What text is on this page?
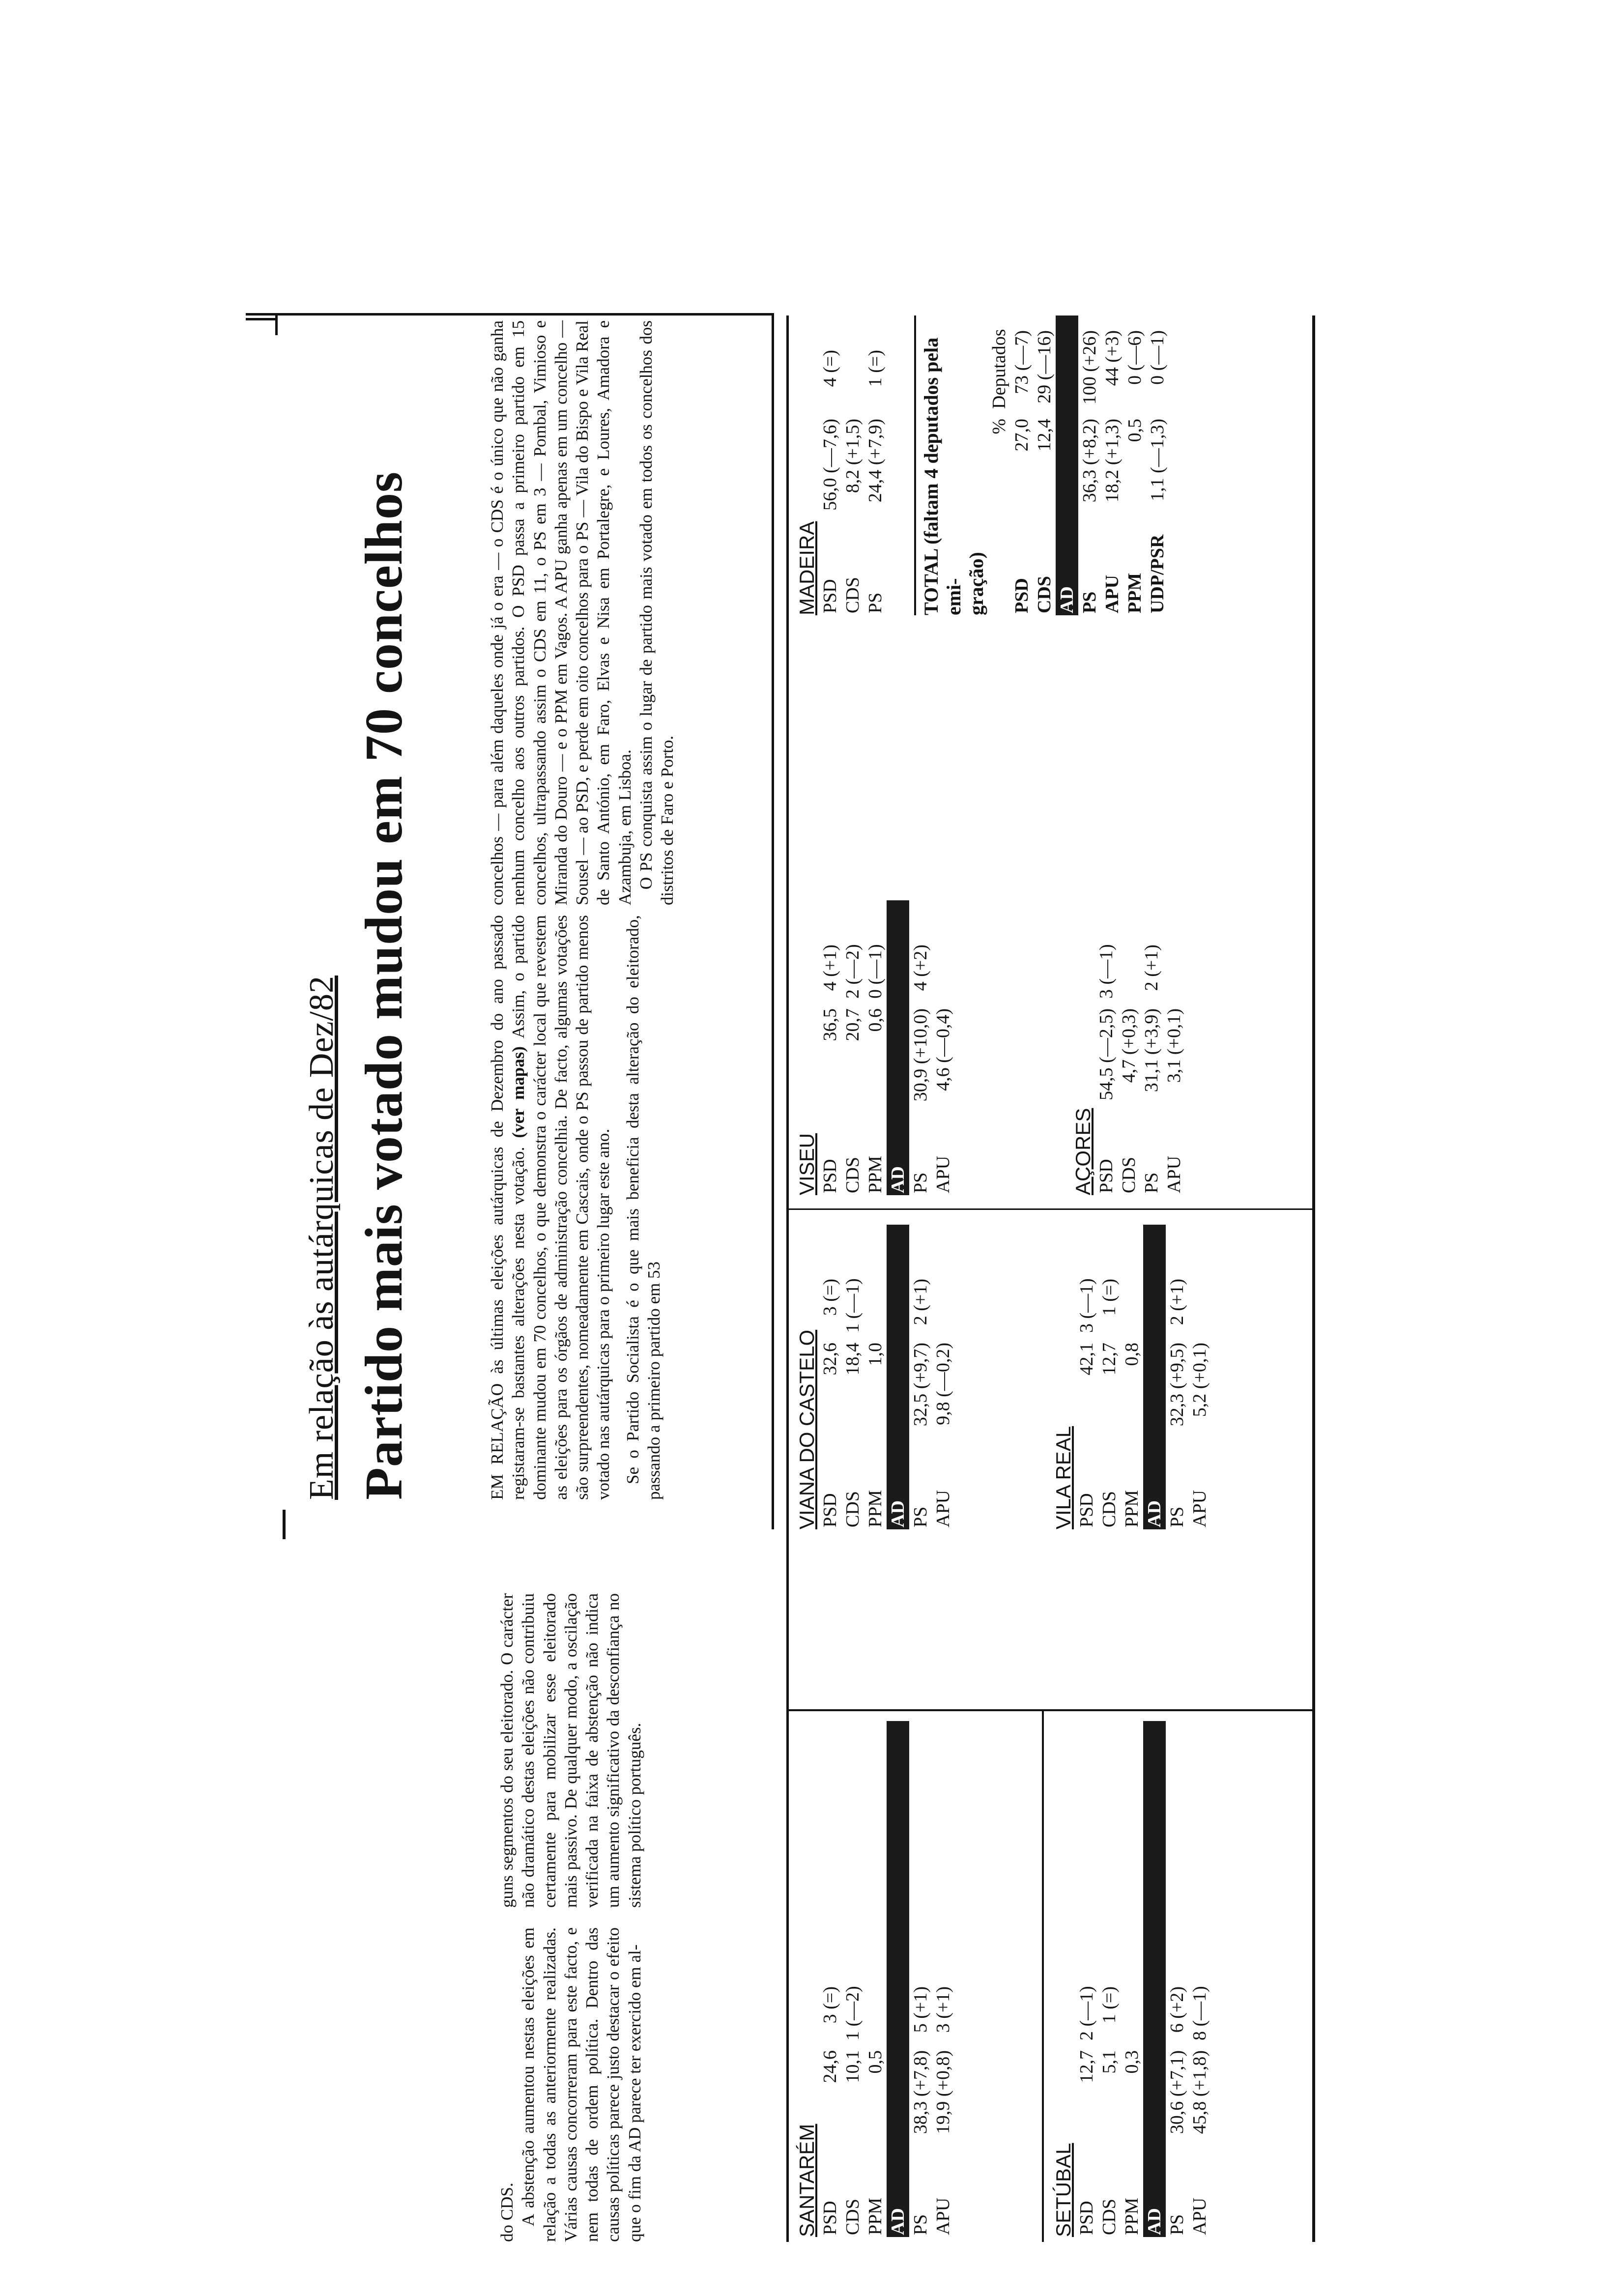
do CDS. A abstenção aumentou nestas eleições em relação a todas as anteriormente realizadas. Várias causas concorreram para este facto, e nem todas de ordem política. Dentro das causas políticas parece justo destacar o efeito que o fim da AD parece ter exercido em al-

guns segmentos do seu eleitorado. O carácter não dramático destas eleições não contribuiu certamente para mobilizar esse eleitorado mais passivo. De qualquer modo, a oscilação verificada na faixa de abstenção não indica um aumento significativo da desconfiança no sistema político português.

Em relação às autárquicas de Dez/82 Partido mais votado mudou em 70 concelhos	EM RELAÇÃO às últimas eleições autárquicas de Dezembro do ano passado registaram-se bastantes alterações nesta votação. (ver mapas) Assim, o partido dominante mudou em 70 concelhos, o que demonstra o carácter local que revestem as eleições para os órgãos de administração concelhia. De facto, algumas votações são surpreendentes, nomeadamente em Cascais, onde o PS passou de partido menos votado nas autárquicas para o primeiro lugar este ano. Se o Partido Socialista é o que mais beneficia desta alteração do eleitorado, passando a primeiro partido em 53

concelhos — para além daqueles onde já o era — o CDS é o único que não ganha nenhum concelho aos outros partidos. O PSD passa a primeiro partido em 15 concelhos, ultrapassando assim o CDS em 11, o PS em 3 — Pombal, Vimioso e Miranda do Douro — e o PPM em Vagos. A APU ganha apenas em um concelho — Sousel — ao PSD, e perde em oito concelhos para o PS — Vila do Bispo e Vila Real de Santo António, em Faro, Elvas e Nisa em Portalegre, e Loures, Amadora e Azambuja, em Lisboa. O PS conquista assim o lugar de partido mais votado em todos os concelhos dos distritos de Faro e Porto.

SANTARÉM PSD
24,6
3 (=)
CDS
10,1
1 (—2)
PPM
0,5
AD
35,2 (—5,5)
4 (—2)
PS
38,3 (+7,8)
5 (+1)
APU
19,9 (+0,8)
3 (+1)
SETÚBAL PSD
12,7
2 (—1)
CDS
5,1
1 (=)
PPM
0,3
AD
18,1 (—6,0)
3 (—1)
PS
30,6 (+7,1)
6 (+2)
APU
45,8 (+1,8)
8 (—1)
VIANA DO CASTELO PSD
32,6
3 (=)
CDS
18,4
1 (—1)
PPM
1,0
AD
52,0 (—8,1)
4 (—1)
PS
32,5 (+9,7)
2 (+1)
APU
9,8 (—0,2)
VILA REAL PSD
42,1
3 (—1)
CDS
12,7
1 (=)
PPM
0,8
AD
55,6 (—9,0)
4 (—1)
PS
32,3 (+9,5)
2 (+1)
APU
5,2 (+0,1)
VISEU PSD
36,5
4 (+1)
CDS
20,7
2 (—2)
PPM
0,6
0 (—1)
AD
57,8 (—9,3)
6 (—2)
PS
30,9 (+10,0)
4 (+2)
APU
4,6 (—0,4)
AÇORES PSD
54,5 (—2,5)
3 (—1)
CDS
4,7 (+0,3)
PS
31,1 (+3,9)
2 (+1)
APU
3,1 (+0,1)
MADEIRA PSD
56,0 (—7,6)
4 (=)
CDS
8,2 (+1,5)
PS
24,4 (+7,9)
1 (=) TOTAL (faltam 4 deputados pela emi- gração)
%
Deputados
PSD
27,0
73 (—7)
CDS
12,4
29 (—16)
AD
39,9 (—6,8)
102 (—23)
PS
36,3 (+8,2)
100 (+26)
APU
18,2 (+1,3)
44 (+3)
PPM
0,5
0 (—6)
UDP/PSR
1,1 (—1,3)
0 (—1)
